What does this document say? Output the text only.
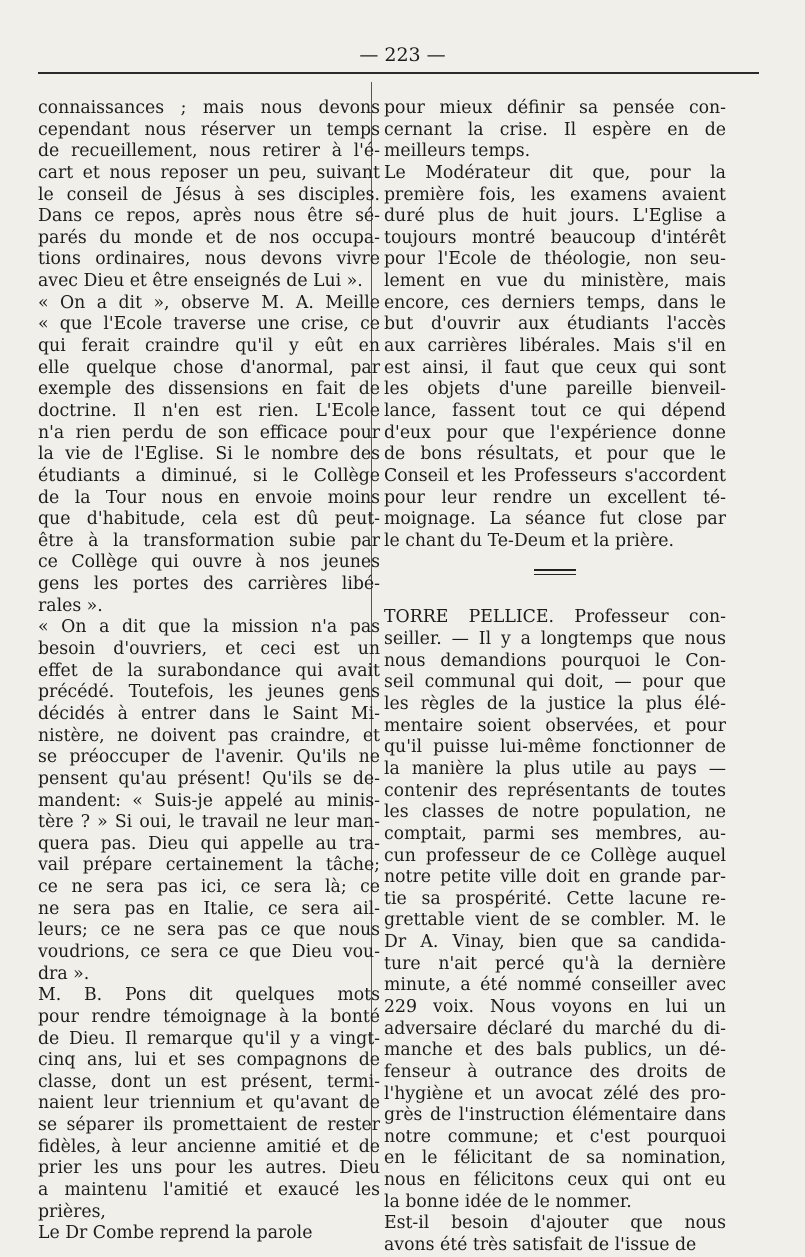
— 223 —
connaissances ; mais nous devons
cependant nous réserver un temps
de recueillement, nous retirer à l'é-
cart et nous reposer un peu, suivant
le conseil de Jésus à ses disciples.
Dans ce repos, après nous être sé-
parés du monde et de nos occupa-
tions ordinaires, nous devons vivre
avec Dieu et être enseignés de Lui ».
« On a dit », observe M. A. Meille
« que l'Ecole traverse une crise, ce
qui ferait craindre qu'il y eût en
elle quelque chose d'anormal, par
exemple des dissensions en fait de
doctrine. Il n'en est rien. L'Ecole
n'a rien perdu de son efficace pour
la vie de l'Eglise. Si le nombre des
étudiants a diminué, si le Collège
de la Tour nous en envoie moins
que d'habitude, cela est dû peut-
être à la transformation subie par
ce Collège qui ouvre à nos jeunes
gens les portes des carrières libé-
rales ».
« On a dit que la mission n'a pas
besoin d'ouvriers, et ceci est un
effet de la surabondance qui avait
précédé. Toutefois, les jeunes gens
décidés à entrer dans le Saint Mi-
nistère, ne doivent pas craindre, et
se préoccuper de l'avenir. Qu'ils ne
pensent qu'au présent! Qu'ils se de-
mandent: « Suis-je appelé au minis-
tère ? » Si oui, le travail ne leur man-
quera pas. Dieu qui appelle au tra-
vail prépare certainement la tâche;
ce ne sera pas ici, ce sera là; ce
ne sera pas en Italie, ce sera ail-
leurs; ce ne sera pas ce que nous
voudrions, ce sera ce que Dieu vou-
dra ».
M. B. Pons dit quelques mots
pour rendre témoignage à la bonté
de Dieu. Il remarque qu'il y a vingt-
cinq ans, lui et ses compagnons de
classe, dont un est présent, termi-
naient leur triennium et qu'avant de
se séparer ils promettaient de rester
fidèles, à leur ancienne amitié et de
prier les uns pour les autres. Dieu
a maintenu l'amitié et exaucé les
prières,
Le Dr Combe reprend la parole
pour mieux définir sa pensée con-
cernant la crise. Il espère en de
meilleurs temps.
Le Modérateur dit que, pour la
première fois, les examens avaient
duré plus de huit jours. L'Eglise a
toujours montré beaucoup d'intérêt
pour l'Ecole de théologie, non seu-
lement en vue du ministère, mais
encore, ces derniers temps, dans le
but d'ouvrir aux étudiants l'accès
aux carrières libérales. Mais s'il en
est ainsi, il faut que ceux qui sont
les objets d'une pareille bienveil-
lance, fassent tout ce qui dépend
d'eux pour que l'expérience donne
de bons résultats, et pour que le
Conseil et les Professeurs s'accordent
pour leur rendre un excellent té-
moignage. La séance fut close par
le chant du Te-Deum et la prière.
TORRE PELLICE. Professeur con-
seiller. — Il y a longtemps que nous
nous demandions pourquoi le Con-
seil communal qui doit, — pour que
les règles de la justice la plus élé-
mentaire soient observées, et pour
qu'il puisse lui-même fonctionner de
la manière la plus utile au pays —
contenir des représentants de toutes
les classes de notre population, ne
comptait, parmi ses membres, au-
cun professeur de ce Collège auquel
notre petite ville doit en grande par-
tie sa prospérité. Cette lacune re-
grettable vient de se combler. M. le
Dr A. Vinay, bien que sa candida-
ture n'ait percé qu'à la dernière
minute, a été nommé conseiller avec
229 voix. Nous voyons en lui un
adversaire déclaré du marché du di-
manche et des bals publics, un dé-
fenseur à outrance des droits de
l'hygiène et un avocat zélé des pro-
grès de l'instruction élémentaire dans
notre commune; et c'est pourquoi
en le félicitant de sa nomination,
nous en félicitons ceux qui ont eu
la bonne idée de le nommer.
Est-il besoin d'ajouter que nous
avons été très satisfait de l'issue de
